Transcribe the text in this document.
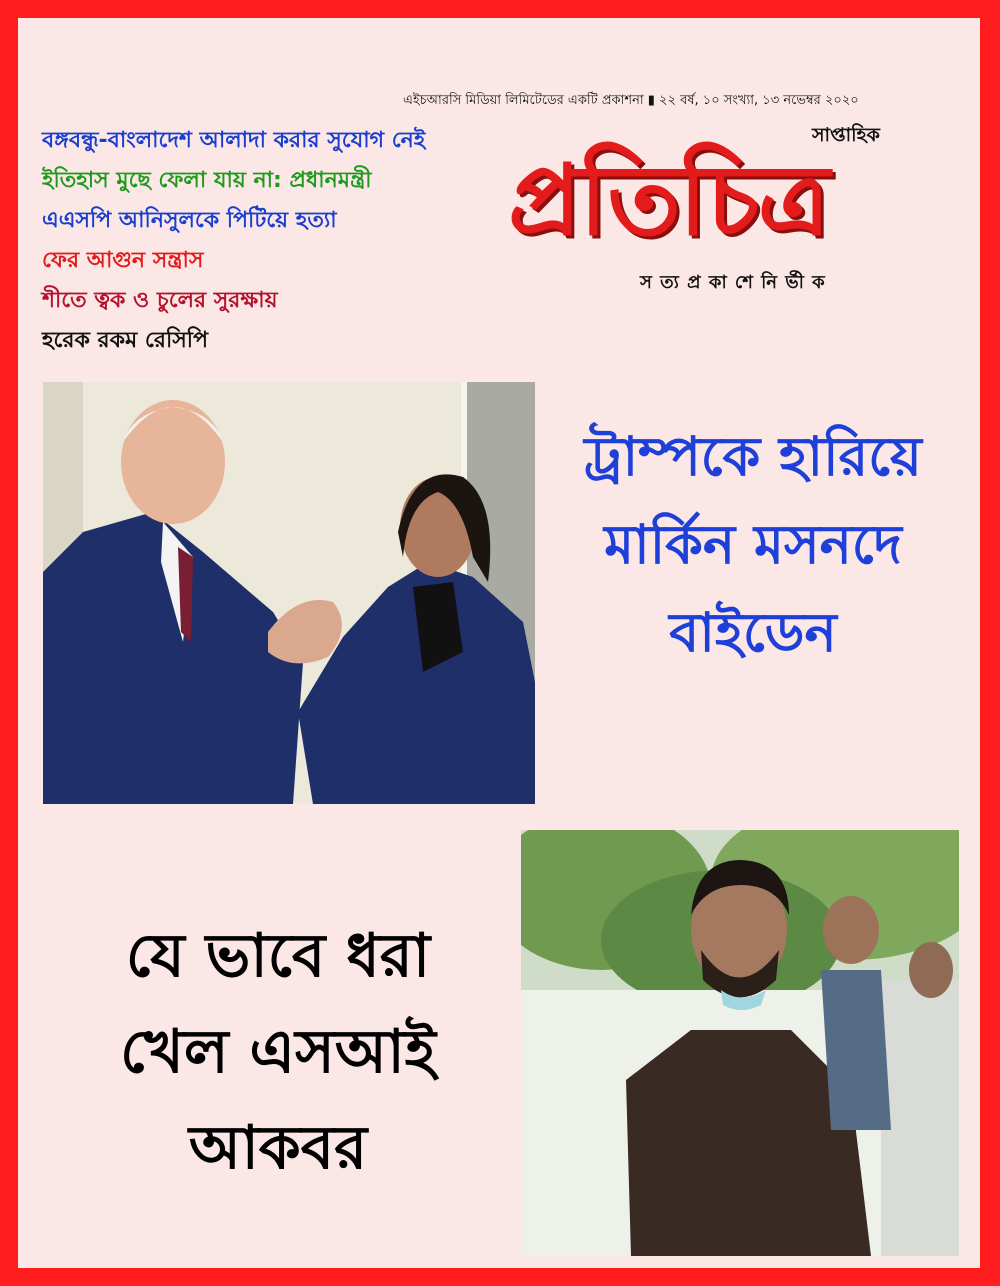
এইচআরসি মিডিয়া লিমিটেডের একটি প্রকাশনা ▮ ২২ বর্ষ, ১০ সংখ্যা, ১৩ নভেম্বর ২০২০
বঙ্গবন্ধু-বাংলাদেশ আলাদা করার সুযোগ নেই
ইতিহাস মুছে ফেলা যায় না: প্রধানমন্ত্রী
এএসপি আনিসুলকে পিটিয়ে হত্যা
ফের আগুন সন্ত্রাস
শীতে ত্বক ও চুলের সুরক্ষায়
হরেক রকম রেসিপি
সাপ্তাহিক
প্রতিচিত্র
স ত্য প্র কা শে নি র্ভী ক
ট্রাম্পকে হারিয়ে
মার্কিন মসনদে
বাইডেন
যে ভাবে ধরা
খেল এসআই
আকবর
